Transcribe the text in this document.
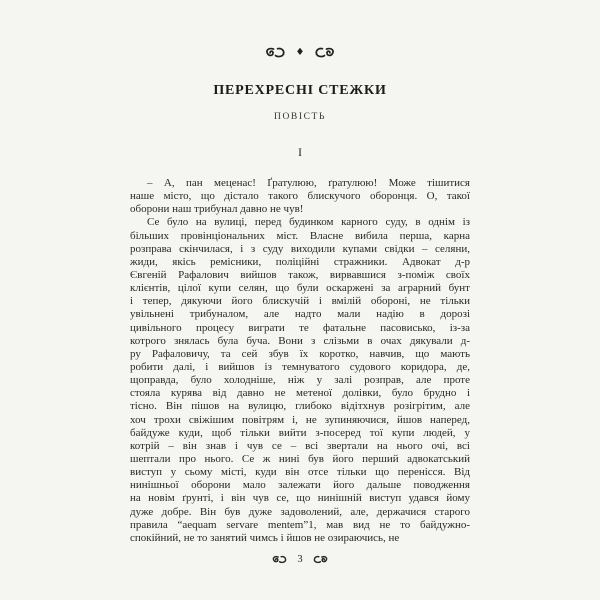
♦
ПЕРЕХРЕСНІ СТЕЖКИ
ПОВІСТЬ
I
– А, пан меценас! Ґратулюю, ґратулюю! Може тішитися
наше місто, що дістало такого блискучого оборонця. О, такої
оборони наш трибунал давно не чув!
Се було на вулиці, перед будинком карного суду, в однім із
більших провінціональних міст. Власне вибила перша, карна
розправа скінчилася, і з суду виходили купами свідки – селяни,
жиди, якісь ремісники, поліційні стражники. Адвокат д-р
Євгеній Рафалович вийшов також, вирвавшися з-поміж своїх
клієнтів, цілої купи селян, що були оскаржені за аграрний бунт
і тепер, дякуючи його блискучій і вмілій обороні, не тільки
увільнені трибуналом, але надто мали надію в дорозі
цивільного процесу виграти те фатальне пасовисько, із-за
котрого знялась була буча. Вони з слізьми в очах дякували д-
ру Рафаловичу, та сей збув їх коротко, навчив, що мають
робити далі, і вийшов із темнуватого судового коридора, де,
щоправда, було холодніше, ніж у залі розправ, але проте
стояла курява від давно не метеної долівки, було брудно і
тісно. Він пішов на вулицю, глибоко відітхнув розігрітим, але
хоч трохи свіжішим повітрям і, не зупиняючися, йшов наперед,
байдуже куди, щоб тільки вийти з-посеред тої купи людей, у
котрій – він знав і чув се – всі звертали на нього очі, всі
шептали про нього. Се ж нині був його перший адвокатський
виступ у сьому місті, куди він отсе тільки що перенісся. Від
нинішньої оборони мало залежати його дальше поводження
на новім ґрунті, і він чув се, що нинішній виступ удався йому
дуже добре. Він був дуже задоволений, але, держачися старого
правила “aequam servare mentem”1, мав вид не то байдужно-
спокійний, не то занятий чимсь і йшов не озираючись, не
3
